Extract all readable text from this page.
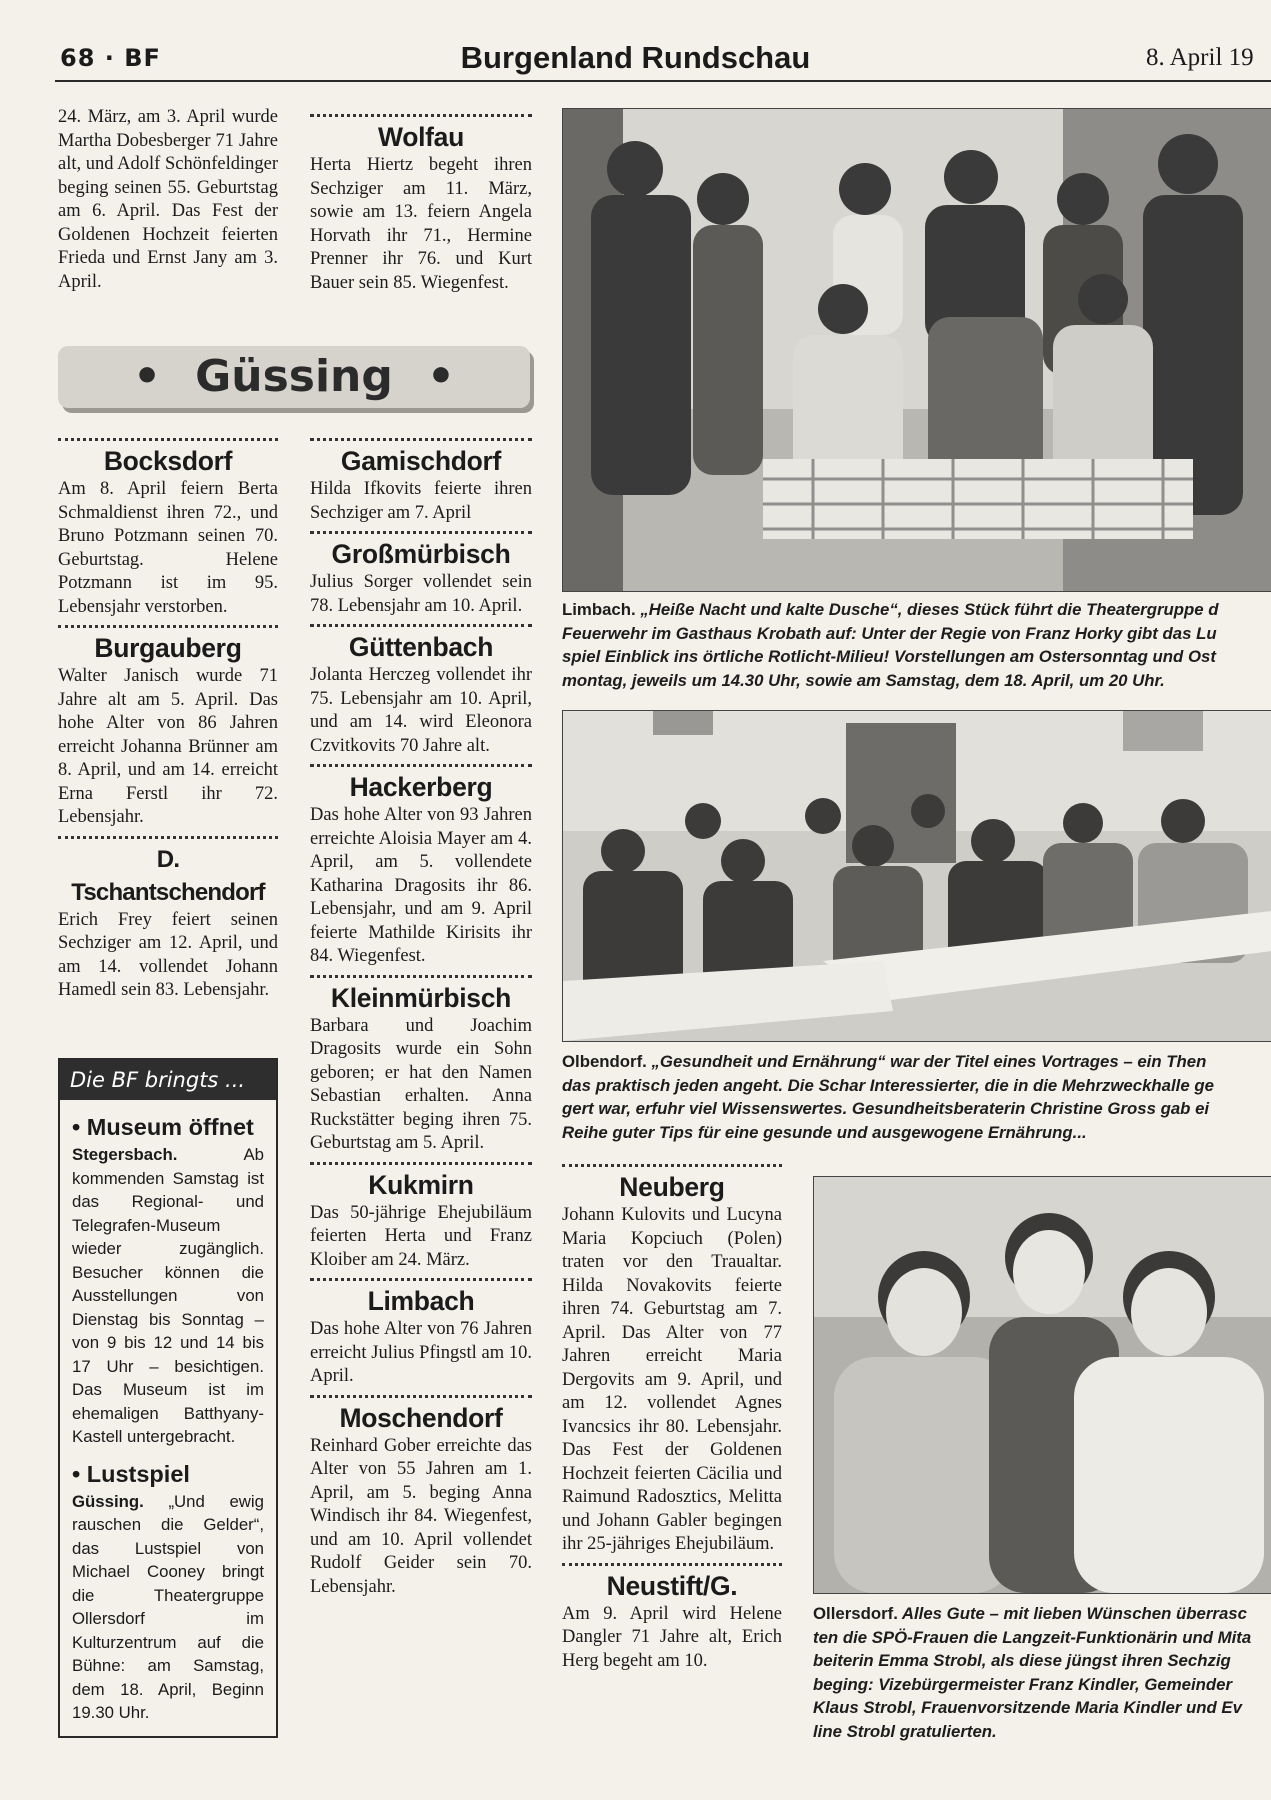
68 · BF	Burgenland Rundschau	8. April 19

24. März, am 3. April wurde Martha Dobesberger 71 Jahre alt, und Adolf Schönfeldinger beging seinen 55. Geburtstag am 6. April. Das Fest der Goldenen Hochzeit feierten Frieda und Ernst Jany am 3. April.

Wolfau

Herta Hiertz begeht ihren Sechziger am 11. März, sowie am 13. feiern Angela Horvath ihr 71., Hermine Prenner ihr 76. und Kurt Bauer sein 85. Wiegenfest.

• Güssing •
Bocksdorf

Am 8. April feiern Berta Schmaldienst ihren 72., und Bruno Potzmann seinen 70. Geburtstag. Helene Potzmann ist im 95. Lebensjahr verstorben.

Burgauberg

Walter Janisch wurde 71 Jahre alt am 5. April. Das hohe Alter von 86 Jahren erreicht Johanna Brünner am 8. April, und am 14. erreicht Erna Ferstl ihr 72. Lebensjahr.

D. Tschantschendorf

Erich Frey feiert seinen Sechziger am 12. April, und am 14. vollendet Johann Hamedl sein 83. Lebensjahr.

Die BF bringts ...
• Museum öffnet

Stegersbach. Ab kommenden Samstag ist das Regional- und Telegrafen-Museum wieder zugänglich. Besucher können die Ausstellungen von Dienstag bis Sonntag – von 9 bis 12 und 14 bis 17 Uhr – besichtigen. Das Museum ist im ehemaligen Batthyany-Kastell untergebracht.

• Lustspiel

Güssing. „Und ewig rauschen die Gelder“, das Lustspiel von Michael Cooney bringt die Theatergruppe Ollersdorf im Kulturzentrum auf die Bühne: am Samstag, dem 18. April, Beginn 19.30 Uhr.

Gamischdorf

Hilda Ifkovits feierte ihren Sechziger am 7. April

Großmürbisch

Julius Sorger vollendet sein 78. Lebensjahr am 10. April.

Güttenbach

Jolanta Herczeg vollendet ihr 75. Lebensjahr am 10. April, und am 14. wird Eleonora Czvitkovits 70 Jahre alt.

Hackerberg

Das hohe Alter von 93 Jahren erreichte Aloisia Mayer am 4. April, am 5. vollendete Katharina Dragosits ihr 86. Lebensjahr, und am 9. April feierte Mathilde Kirisits ihr 84. Wiegenfest.

Kleinmürbisch

Barbara und Joachim Dragosits wurde ein Sohn geboren; er hat den Namen Sebastian erhalten. Anna Ruckstätter beging ihren 75. Geburtstag am 5. April.

Kukmirn

Das 50-jährige Ehejubiläum feierten Herta und Franz Kloiber am 24. März.

Limbach

Das hohe Alter von 76 Jahren erreicht Julius Pfingstl am 10. April.

Moschendorf

Reinhard Gober erreichte das Alter von 55 Jahren am 1. April, am 5. beging Anna Windisch ihr 84. Wiegenfest, und am 10. April vollendet Rudolf Geider sein 70. Lebensjahr.

Neuberg

Johann Kulovits und Lucyna Maria Kopciuch (Polen) traten vor den Traualtar. Hilda Novakovits feierte ihren 74. Geburtstag am 7. April. Das Alter von 77 Jahren erreicht Maria Dergovits am 9. April, und am 12. vollendet Agnes Ivancsics ihr 80. Lebensjahr. Das Fest der Goldenen Hochzeit feierten Cäcilia und Raimund Radosztics, Melitta und Johann Gabler begingen ihr 25-jähriges Ehejubiläum.

Neustift/G.

Am 9. April wird Helene Dangler 71 Jahre alt, Erich Herg begeht am 10.

Limbach. „Heiße Nacht und kalte Dusche“, dieses Stück führt die Theatergruppe d
Feuerwehr im Gasthaus Krobath auf: Unter der Regie von Franz Horky gibt das Lu
spiel Einblick ins örtliche Rotlicht-Milieu! Vorstellungen am Ostersonntag und Ost
montag, jeweils um 14.30 Uhr, sowie am Samstag, dem 18. April, um 20 Uhr.
Olbendorf. „Gesundheit und Ernährung“ war der Titel eines Vortrages – ein Then
das praktisch jeden angeht. Die Schar Interessierter, die in die Mehrzweckhalle ge
gert war, erfuhr viel Wissenswertes. Gesundheitsberaterin Christine Gross gab ei
Reihe guter Tips für eine gesunde und ausgewogene Ernährung...
Ollersdorf. Alles Gute – mit lieben Wünschen überrasc
ten die SPÖ-Frauen die Langzeit-Funktionärin und Mita
beiterin Emma Strobl, als diese jüngst ihren Sechzig
beging: Vizebürgermeister Franz Kindler, Gemeinder
Klaus Strobl, Frauenvorsitzende Maria Kindler und Ev
line Strobl gratulierten.
